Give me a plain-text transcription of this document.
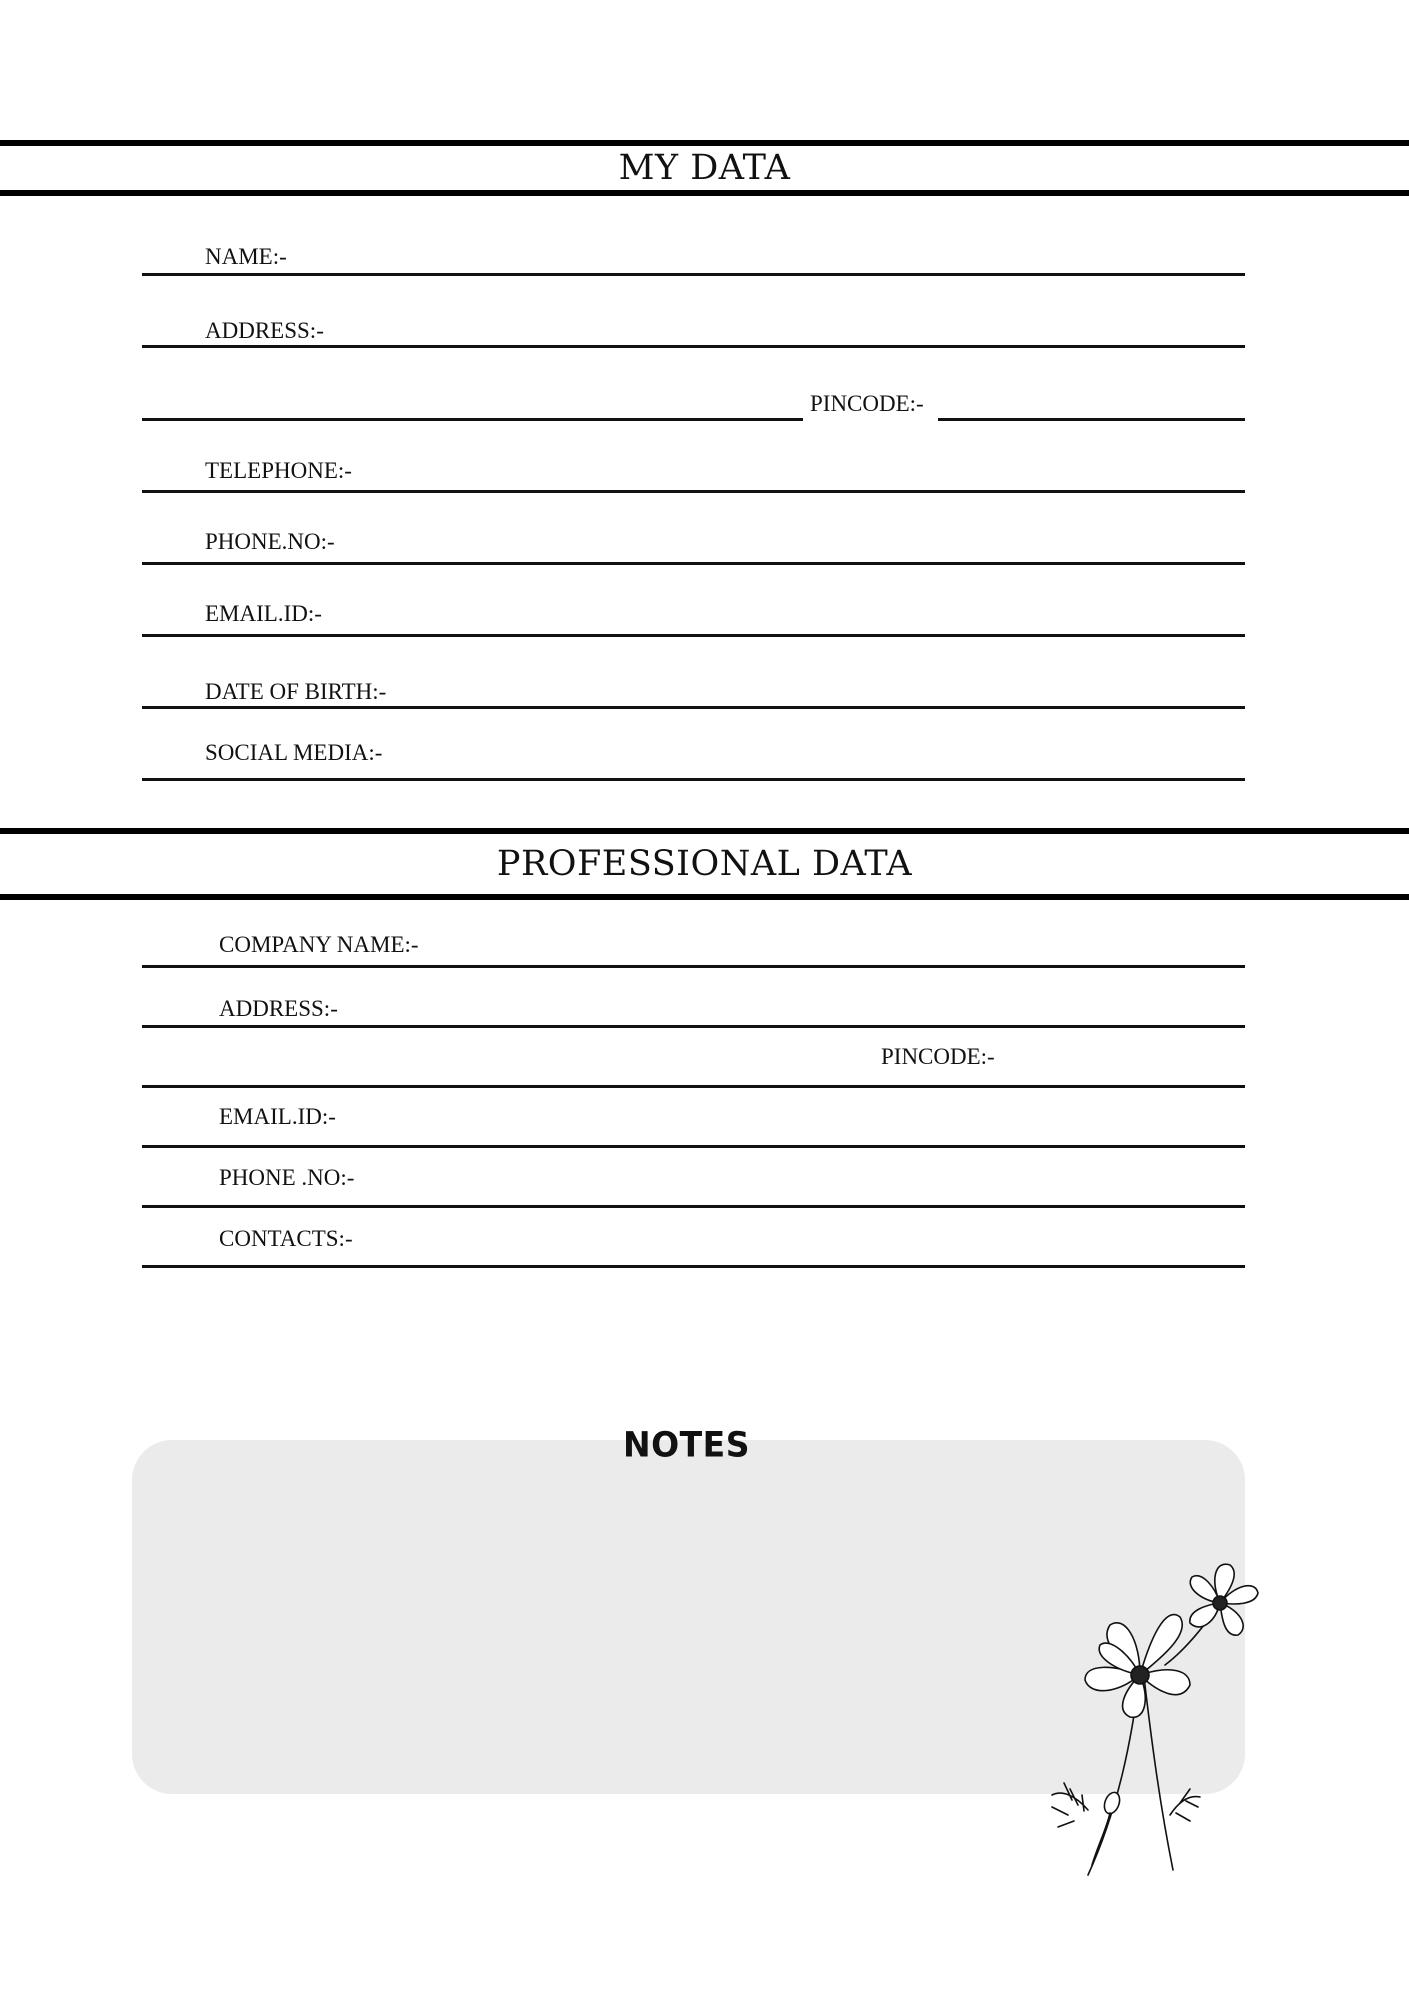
MY DATA
NAME:-
ADDRESS:-
PINCODE:-
TELEPHONE:-
PHONE.NO:-
EMAIL.ID:-
DATE OF BIRTH:-
SOCIAL MEDIA:-
PROFESSIONAL DATA
COMPANY NAME:-
ADDRESS:-
PINCODE:-
EMAIL.ID:-
PHONE .NO:-
CONTACTS:-
NOTES
